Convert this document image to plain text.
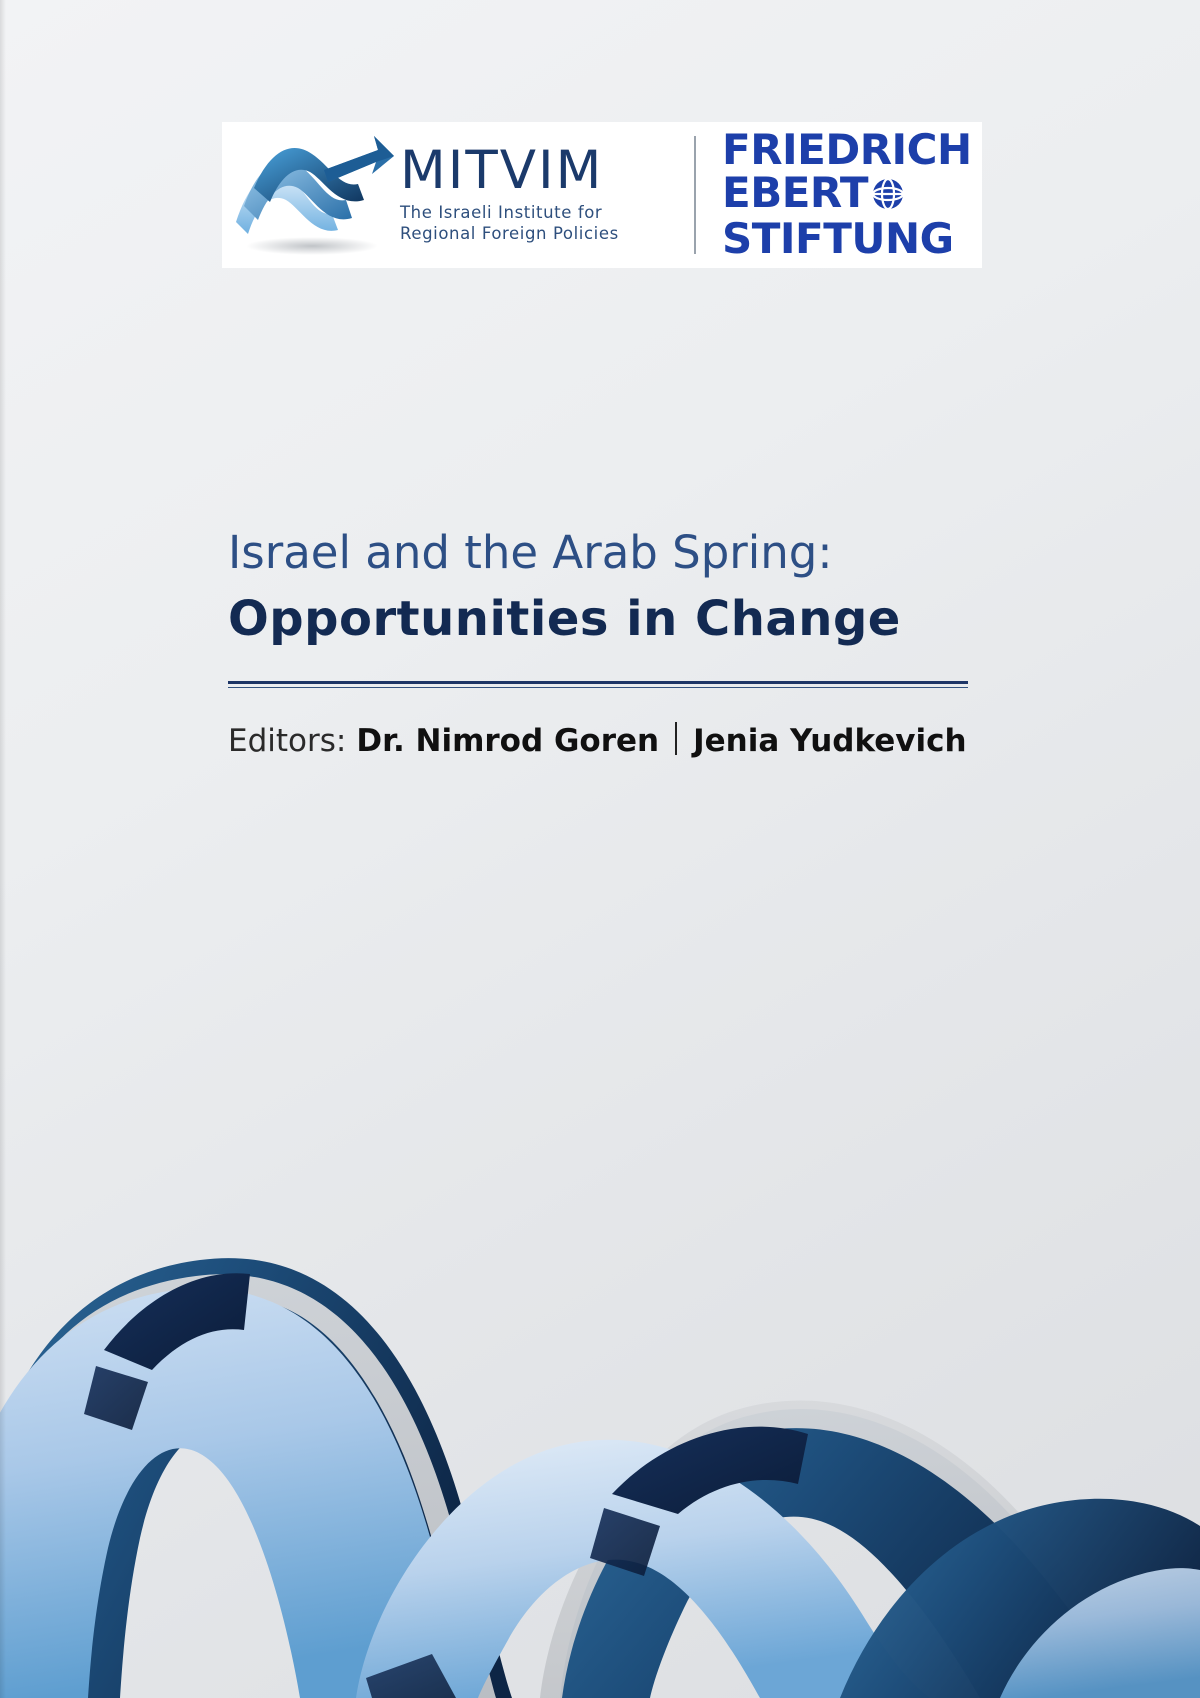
MITVIM
The Israeli Institute for
Regional Foreign Policies
FRIEDRICH
EBERT
STIFTUNG
Israel and the Arab Spring:
Opportunities in Change
Editors: Dr. Nimrod Goren Jenia Yudkevich
